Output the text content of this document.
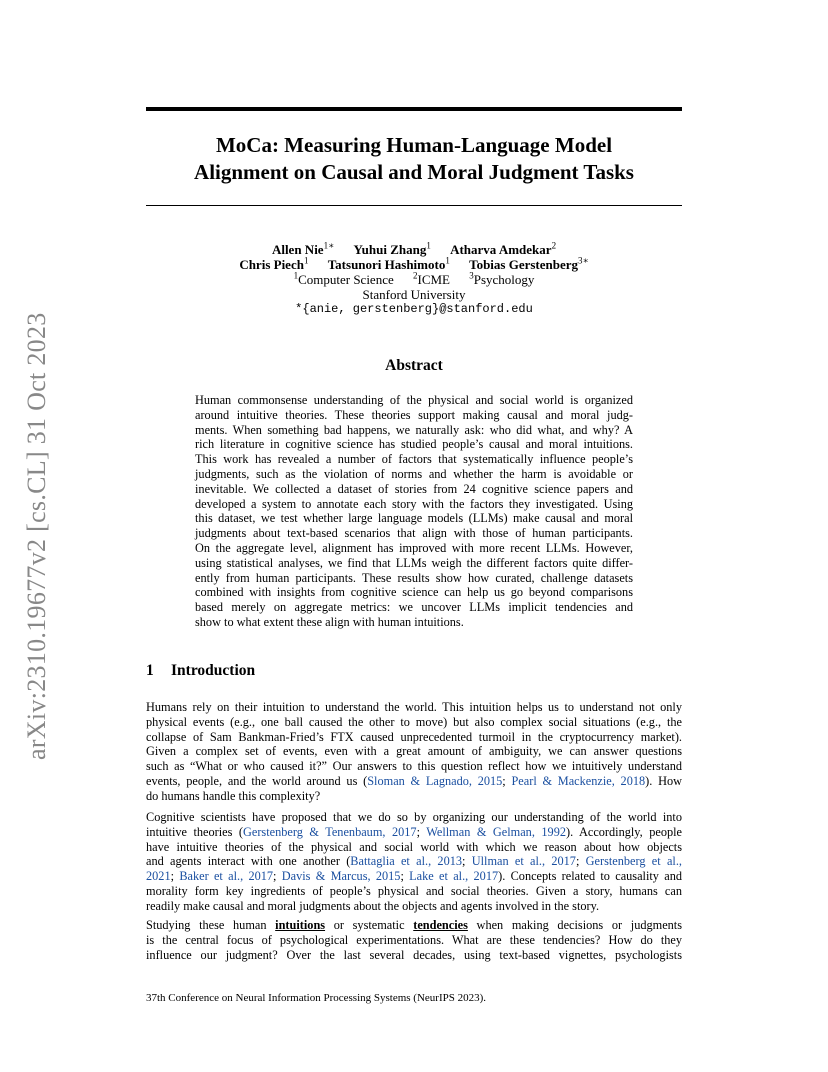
arXiv:2310.19677v2 [cs.CL] 31 Oct 2023
MoCa: Measuring Human-Language Model
Alignment on Causal and Moral Judgment Tasks
Allen Nie$^{1∗}$ Yuhui Zhang$^1$ Atharva Amdekar$^2$
Chris Piech$^1$ Tatsunori Hashimoto$^1$ Tobias Gerstenberg$^{3∗}$
$^1$Computer Science $^2$ICME $^3$Psychology
Stanford University
*{anie, gerstenberg}@stanford.edu
Abstract
Human commonsense understanding of the physical and social world is organized
around intuitive theories. These theories support making causal and moral judg-
ments. When something bad happens, we naturally ask: who did what, and why? A
rich literature in cognitive science has studied people’s causal and moral intuitions.
This work has revealed a number of factors that systematically influence people’s
judgments, such as the violation of norms and whether the harm is avoidable or
inevitable. We collected a dataset of stories from 24 cognitive science papers and
developed a system to annotate each story with the factors they investigated. Using
this dataset, we test whether large language models (LLMs) make causal and moral
judgments about text-based scenarios that align with those of human participants.
On the aggregate level, alignment has improved with more recent LLMs. However,
using statistical analyses, we find that LLMs weigh the different factors quite differ-
ently from human participants. These results show how curated, challenge datasets
combined with insights from cognitive science can help us go beyond comparisons
based merely on aggregate metrics: we uncover LLMs implicit tendencies and
show to what extent these align with human intuitions.
1 Introduction
Humans rely on their intuition to understand the world. This intuition helps us to understand not only
physical events (e.g., one ball caused the other to move) but also complex social situations (e.g., the
collapse of Sam Bankman-Fried’s FTX caused unprecedented turmoil in the cryptocurrency market).
Given a complex set of events, even with a great amount of ambiguity, we can answer questions
such as “What or who caused it?” Our answers to this question reflect how we intuitively understand
events, people, and the world around us (Sloman & Lagnado, 2015; Pearl & Mackenzie, 2018). How
do humans handle this complexity?
Cognitive scientists have proposed that we do so by organizing our understanding of the world into
intuitive theories (Gerstenberg & Tenenbaum, 2017; Wellman & Gelman, 1992). Accordingly, people
have intuitive theories of the physical and social world with which we reason about how objects
and agents interact with one another (Battaglia et al., 2013; Ullman et al., 2017; Gerstenberg et al.,
2021; Baker et al., 2017; Davis & Marcus, 2015; Lake et al., 2017). Concepts related to causality and
morality form key ingredients of people’s physical and social theories. Given a story, humans can
readily make causal and moral judgments about the objects and agents involved in the story.
Studying these human intuitions or systematic tendencies when making decisions or judgments
is the central focus of psychological experimentations. What are these tendencies? How do they
influence our judgment? Over the last several decades, using text-based vignettes, psychologists
37th Conference on Neural Information Processing Systems (NeurIPS 2023).
